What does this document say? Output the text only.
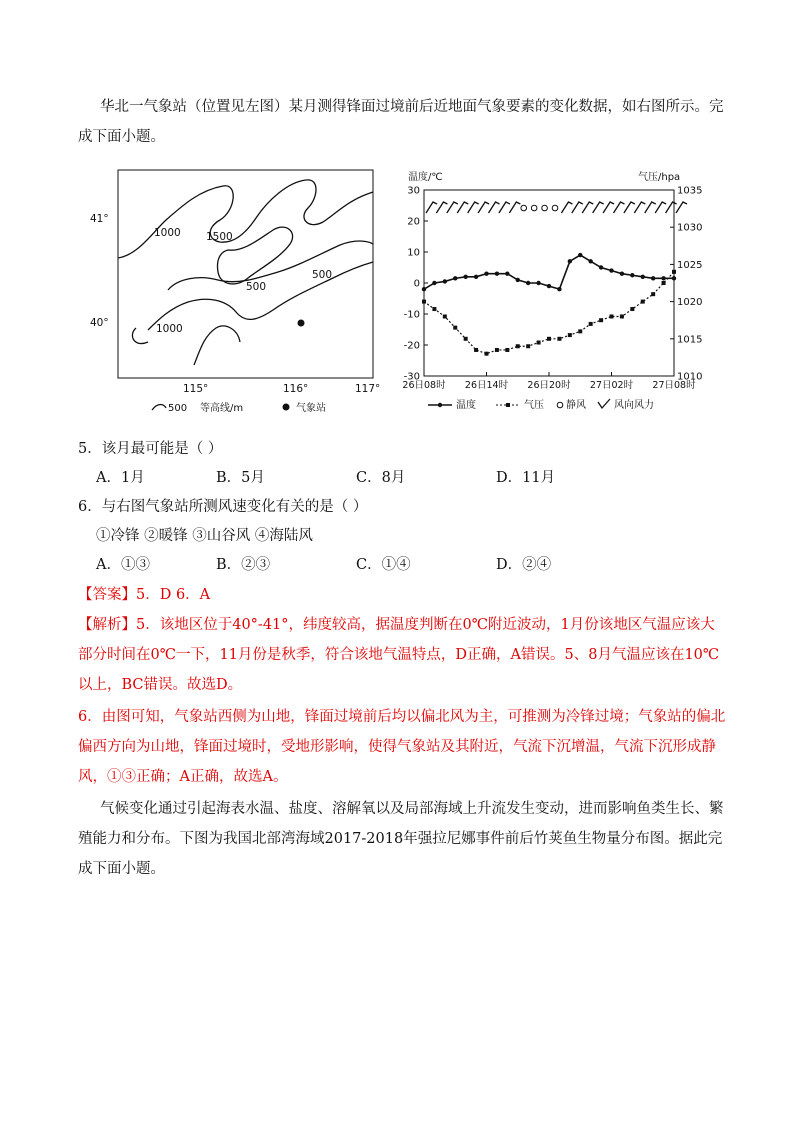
华北一气象站（位置见左图）某月测得锋面过境前后近地面气象要素的变化数据，如右图所示。完成下面小题。
41°
40°
115°	116°	117°
1000 1500
500
500
1000
500 等高线/m	气象站
温度/℃	气压/hpa
30
20
10
0
-10
-20
-30
1035
1030
1025
1020
1015
1010
26日08时 26日14时 26日20时 27日02时 27日08时
温度	气压 静风	风向风力
5．该月最可能是（ ）
A．1月	B．5月	C．8月	D．11月
6．与右图气象站所测风速变化有关的是（ ）
①冷锋 ②暖锋 ③山谷风 ④海陆风
A．①③	B．②③	C．①④	D．②④
【答案】5．D 6．A
【解析】5．该地区位于40°-41°，纬度较高，据温度判断在0℃附近波动，1月份该地区气温应该大部分时间在0℃一下，11月份是秋季，符合该地气温特点，D正确，A错误。5、8月气温应该在10℃以上，BC错误。故选D。
6．由图可知，气象站西侧为山地，锋面过境前后均以偏北风为主，可推测为冷锋过境；气象站的偏北偏西方向为山地，锋面过境时，受地形影响，使得气象站及其附近，气流下沉增温，气流下沉形成静风，①③正确；A正确，故选A。
气候变化通过引起海表水温、盐度、溶解氧以及局部海域上升流发生变动，进而影响鱼类生长、繁殖能力和分布。下图为我国北部湾海域2017-2018年强拉尼娜事件前后竹荚鱼生物量分布图。据此完成下面小题。
